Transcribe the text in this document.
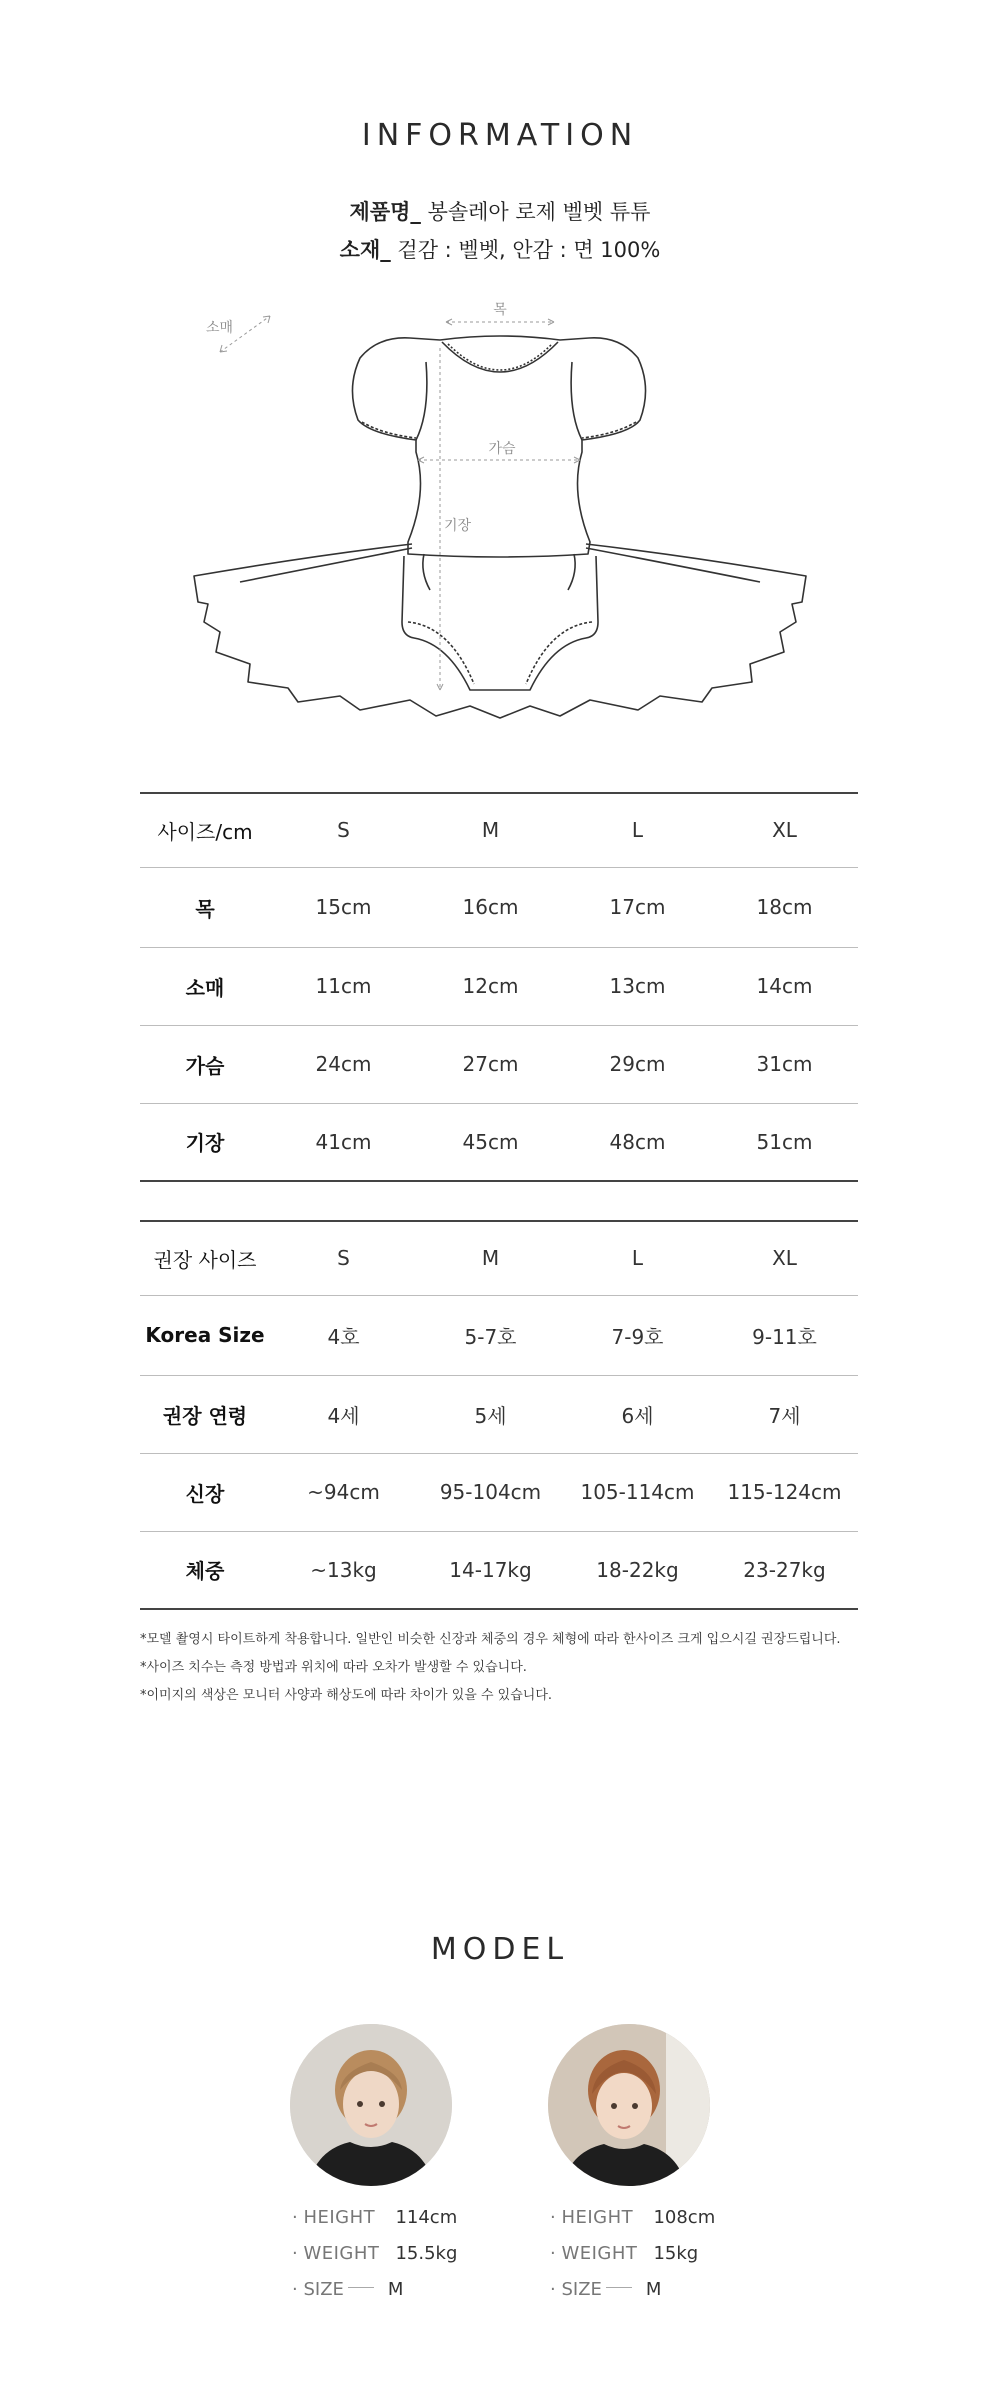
INFORMATION
제품명_ 봉솔레아 로제 벨벳 튜튜
소재_ 겉감 : 벨벳, 안감 : 면 100%
목
소매
가슴
기장
사이즈/cm	S	M	L	XL
목	15cm	16cm	17cm	18cm
소매	11cm	12cm	13cm	14cm
가슴	24cm	27cm	29cm	31cm
기장	41cm	45cm	48cm	51cm
권장 사이즈	S	M	L	XL
Korea Size	4호	5-7호	7-9호	9-11호
권장 연령	4세	5세	6세	7세
신장	~94cm	95-104cm	105-114cm	115-124cm
체중	~13kg	14-17kg	18-22kg	23-27kg
*모델 촬영시 타이트하게 착용합니다. 일반인 비슷한 신장과 체중의 경우 체형에 따라 한사이즈 크게 입으시길 권장드립니다.
*사이즈 치수는 측정 방법과 위치에 따라 오차가 발생할 수 있습니다.
*이미지의 색상은 모니터 사양과 해상도에 따라 차이가 있을 수 있습니다.
MODEL
· HEIGHT 114cm
· WEIGHT 15.5kg
· SIZE M
· HEIGHT 108cm
· WEIGHT 15kg
· SIZE M
